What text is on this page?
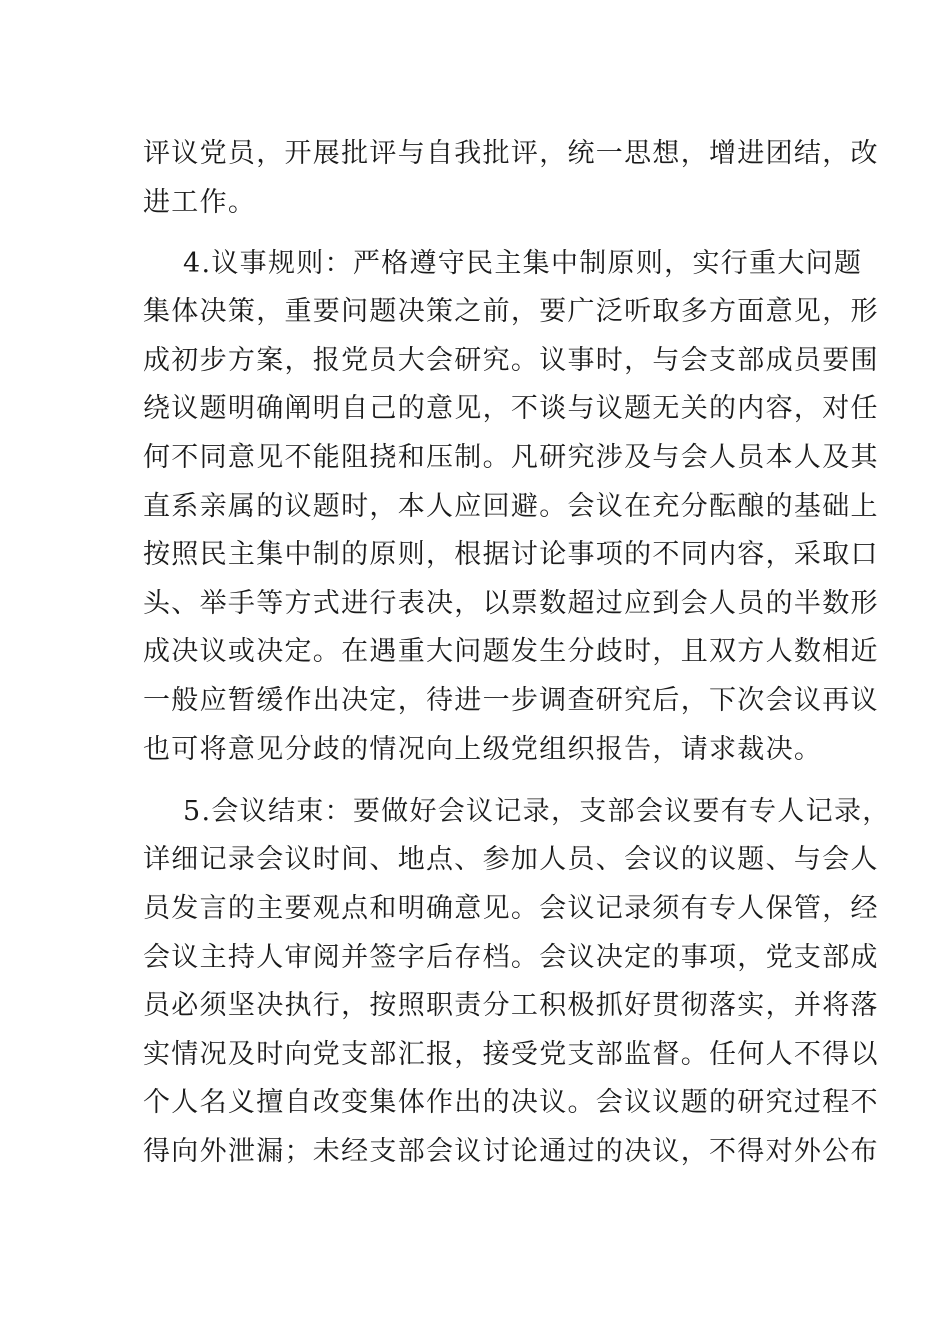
评议党员，开展批评与自我批评，统一思想，增进团结，改
进工作。
4.议事规则：严格遵守民主集中制原则，实行重大问题
集体决策，重要问题决策之前，要广泛听取多方面意见，形
成初步方案，报党员大会研究。议事时，与会支部成员要围
绕议题明确阐明自己的意见，不谈与议题无关的内容，对任
何不同意见不能阻挠和压制。凡研究涉及与会人员本人及其
直系亲属的议题时，本人应回避。会议在充分酝酿的基础上
按照民主集中制的原则，根据讨论事项的不同内容，采取口
头、举手等方式进行表决，以票数超过应到会人员的半数形
成决议或决定。在遇重大问题发生分歧时，且双方人数相近
一般应暂缓作出决定，待进一步调查研究后，下次会议再议
也可将意见分歧的情况向上级党组织报告，请求裁决。
5.会议结束：要做好会议记录，支部会议要有专人记录，
详细记录会议时间、地点、参加人员、会议的议题、与会人
员发言的主要观点和明确意见。会议记录须有专人保管，经
会议主持人审阅并签字后存档。会议决定的事项，党支部成
员必须坚决执行，按照职责分工积极抓好贯彻落实，并将落
实情况及时向党支部汇报，接受党支部监督。任何人不得以
个人名义擅自改变集体作出的决议。会议议题的研究过程不
得向外泄漏；未经支部会议讨论通过的决议，不得对外公布
